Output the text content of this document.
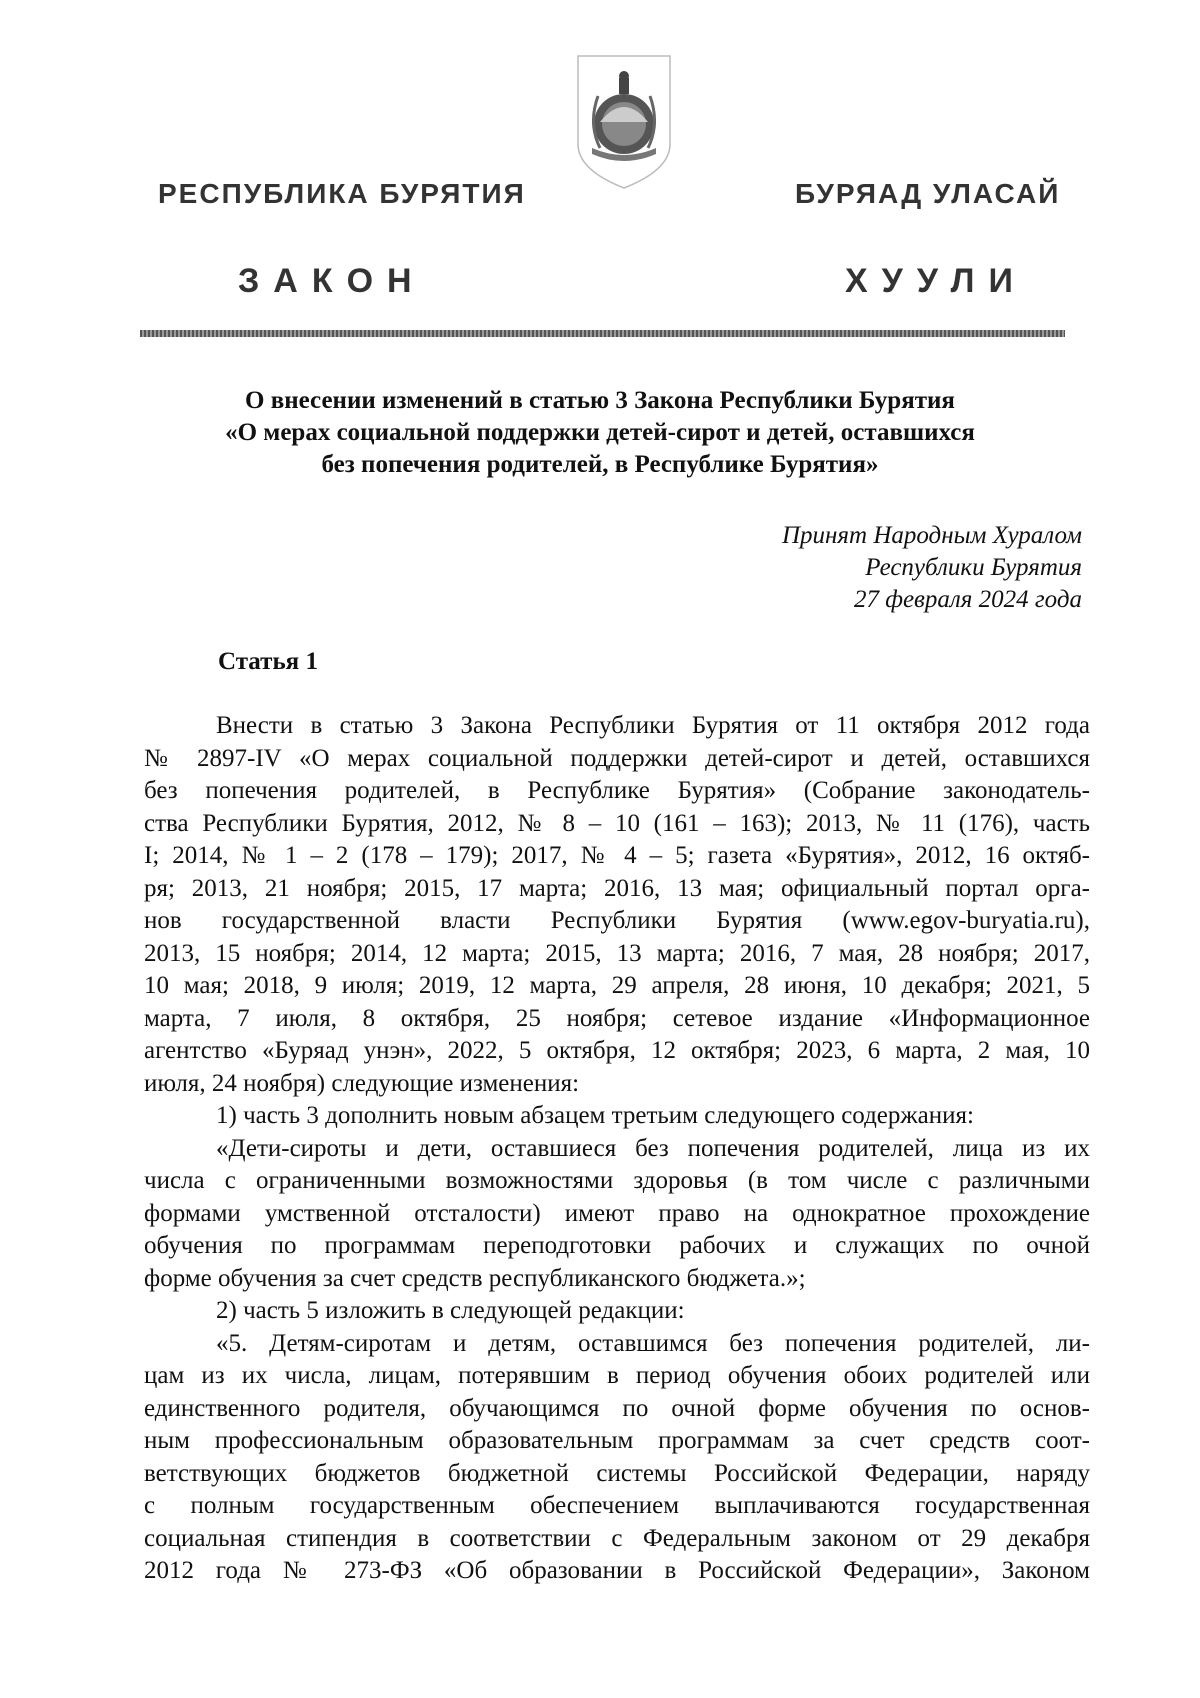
РЕСПУБЛИКА БУРЯТИЯ	БУРЯАД УЛАСАЙ
ЗАКОН	ХУУЛИ
О внесении изменений в статью 3 Закона Республики Бурятия
«О мерах социальной поддержки детей-сирот и детей, оставшихся
без попечения родителей, в Республике Бурятия»
Принят Народным Хуралом
Республики Бурятия
27 февраля 2024 года
Статья 1
Внести в статью 3 Закона Республики Бурятия от 11 октября 2012 года
№ 2897-IV «О мерах социальной поддержки детей-сирот и детей, оставшихся
без попечения родителей, в Республике Бурятия» (Собрание законодатель-
ства Республики Бурятия, 2012, № 8 – 10 (161 – 163); 2013, № 11 (176), часть
I; 2014, № 1 – 2 (178 – 179); 2017, № 4 – 5; газета «Бурятия», 2012, 16 октяб-
ря; 2013, 21 ноября; 2015, 17 марта; 2016, 13 мая; официальный портал орга-
нов государственной власти Республики Бурятия (www.egov-buryatia.ru),
2013, 15 ноября; 2014, 12 марта; 2015, 13 марта; 2016, 7 мая, 28 ноября; 2017,
10 мая; 2018, 9 июля; 2019, 12 марта, 29 апреля, 28 июня, 10 декабря; 2021, 5
марта, 7 июля, 8 октября, 25 ноября; сетевое издание «Информационное
агентство «Буряад унэн», 2022, 5 октября, 12 октября; 2023, 6 марта, 2 мая, 10
июля, 24 ноября) следующие изменения:
1) часть 3 дополнить новым абзацем третьим следующего содержания:
«Дети-сироты и дети, оставшиеся без попечения родителей, лица из их
числа с ограниченными возможностями здоровья (в том числе с различными
формами умственной отсталости) имеют право на однократное прохождение
обучения по программам переподготовки рабочих и служащих по очной
форме обучения за счет средств республиканского бюджета.»;
2) часть 5 изложить в следующей редакции:
«5. Детям-сиротам и детям, оставшимся без попечения родителей, ли-
цам из их числа, лицам, потерявшим в период обучения обоих родителей или
единственного родителя, обучающимся по очной форме обучения по основ-
ным профессиональным образовательным программам за счет средств соот-
ветствующих бюджетов бюджетной системы Российской Федерации, наряду
с полным государственным обеспечением выплачиваются государственная
социальная стипендия в соответствии с Федеральным законом от 29 декабря
2012 года № 273-ФЗ «Об образовании в Российской Федерации», Законом
